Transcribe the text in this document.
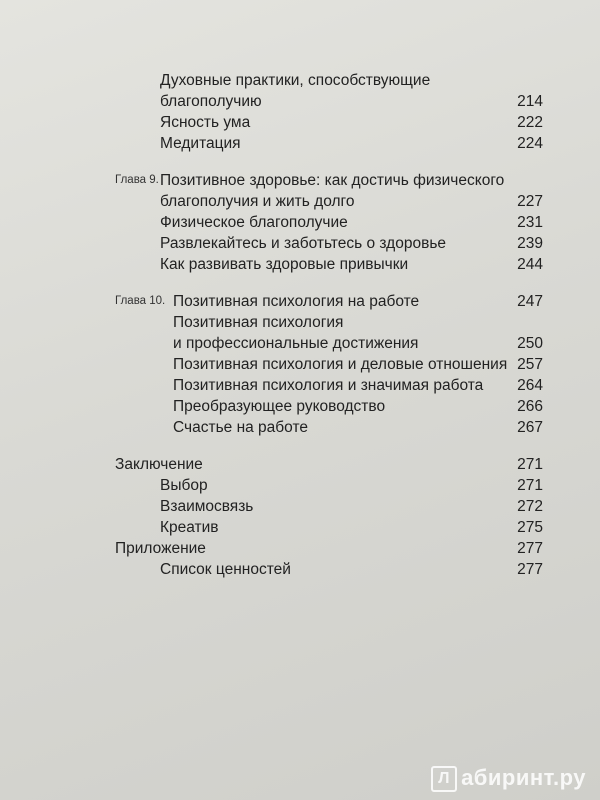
Духовные практики, способствующие
благополучию	214
Ясность ума	222
Медитация	224
Глава 9. Позитивное здоровье: как достичь физического
благополучия и жить долго	227
Физическое благополучие	231
Развлекайтесь и заботьтесь о здоровье	239
Как развивать здоровые привычки	244
Глава 10. Позитивная психология на работе	247
Позитивная психология
и профессиональные достижения	250
Позитивная психология и деловые отношения 257
Позитивная психология и значимая работа 264
Преобразующее руководство	266
Счастье на работе	267
Заключение	271
Выбор	271
Взаимосвязь	272
Креатив	275
Приложение	277
Список ценностей	277
Л абиринт.ру
